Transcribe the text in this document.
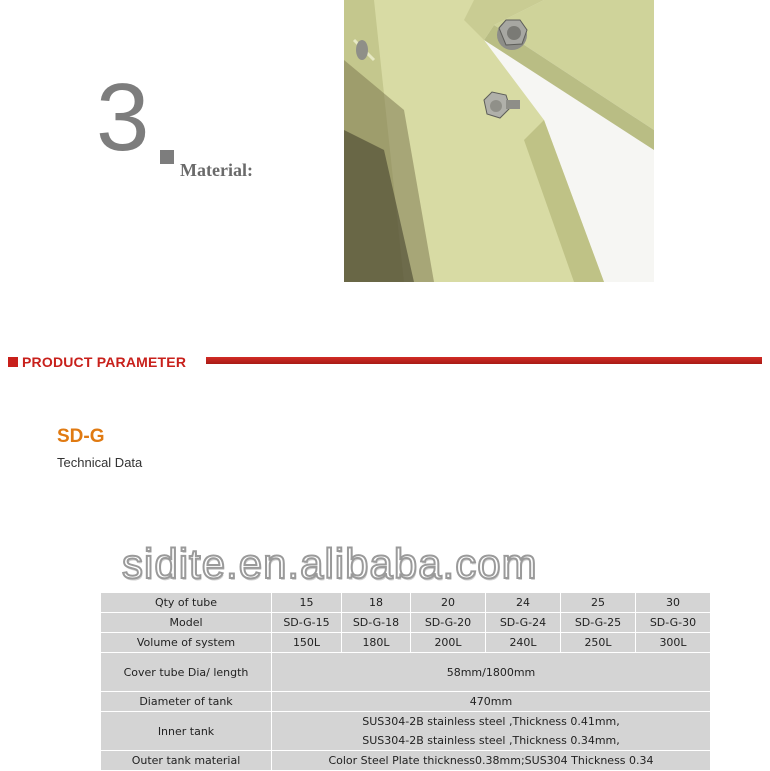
3 Material:
PRODUCT PARAMETER
SD-G
Technical Data
sidite.en.alibaba.com
Qty of tube	15	18	20	24	25	30
Model	SD-G-15	SD-G-18	SD-G-20	SD-G-24	SD-G-25	SD-G-30
Volume of system	150L	180L	200L	240L	250L	300L
Cover tube Dia/ length	58mm/1800mm					
Diameter of tank	470mm					
Inner tank	SUS304-2B stainless steel ,Thickness 0.41mm,
SUS304-2B stainless steel ,Thickness 0.34mm,					

Outer tank material	Color Steel Plate thickness0.38mm;SUS304 Thickness 0.34					
